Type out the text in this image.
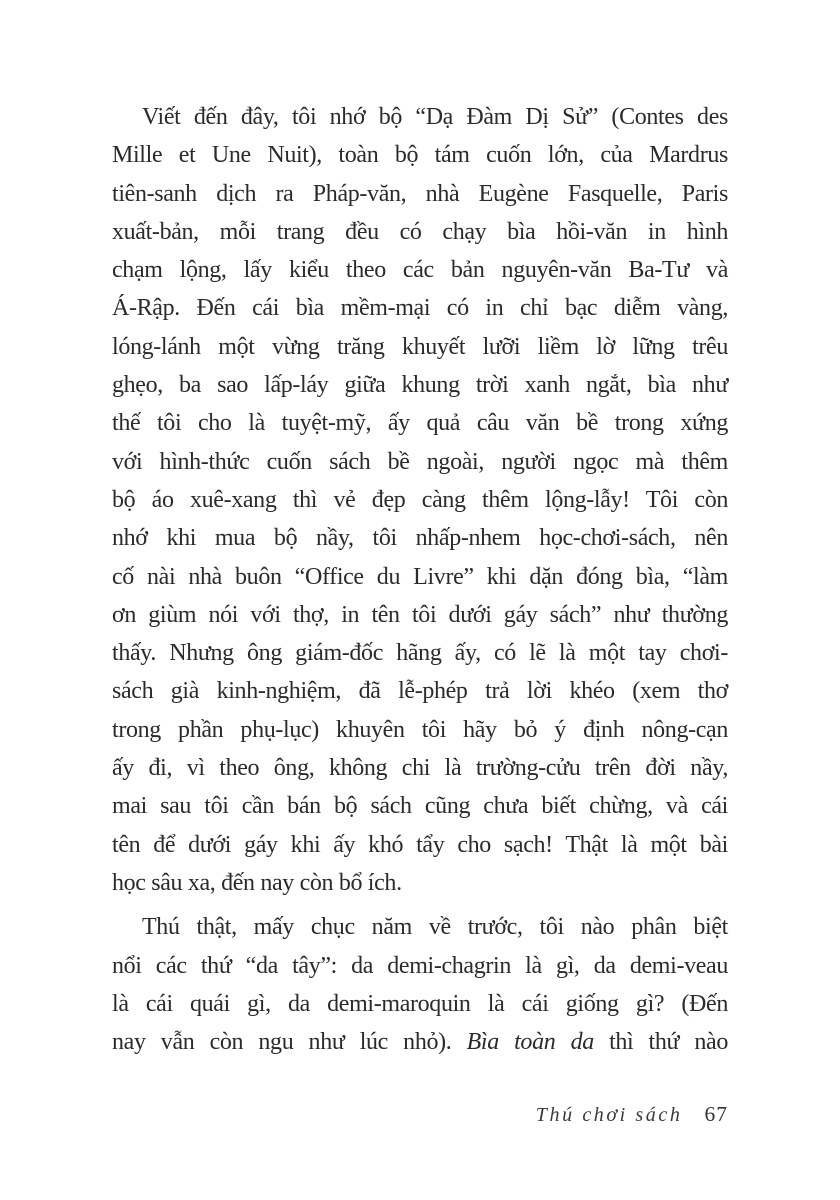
Viết đến đây, tôi nhớ bộ “Dạ Đàm Dị Sử” (Contes des
Mille et Une Nuit), toàn bộ tám cuốn lớn, của Mardrus
tiên-sanh dịch ra Pháp-văn, nhà Eugène Fasquelle, Paris
xuất-bản, mỗi trang đều có chạy bìa hồi-văn in hình
chạm lộng, lấy kiểu theo các bản nguyên-văn Ba-Tư và
Á-Rập. Đến cái bìa mềm-mại có in chỉ bạc diễm vàng,
lóng-lánh một vừng trăng khuyết lưỡi liềm lờ lững trêu
ghẹo, ba sao lấp-láy giữa khung trời xanh ngắt, bìa như
thế tôi cho là tuyệt-mỹ, ấy quả câu văn bề trong xứng
với hình-thức cuốn sách bề ngoài, người ngọc mà thêm
bộ áo xuê-xang thì vẻ đẹp càng thêm lộng-lẫy! Tôi còn
nhớ khi mua bộ nầy, tôi nhấp-nhem học-chơi-sách, nên
cố nài nhà buôn “Office du Livre” khi dặn đóng bìa, “làm
ơn giùm nói với thợ, in tên tôi dưới gáy sách” như thường
thấy. Nhưng ông giám-đốc hãng ấy, có lẽ là một tay chơi-
sách già kinh-nghiệm, đã lễ-phép trả lời khéo (xem thơ
trong phần phụ-lục) khuyên tôi hãy bỏ ý định nông-cạn
ấy đi, vì theo ông, không chi là trường-cửu trên đời nầy,
mai sau tôi cần bán bộ sách cũng chưa biết chừng, và cái
tên để dưới gáy khi ấy khó tẩy cho sạch! Thật là một bài
học sâu xa, đến nay còn bổ ích.
Thú thật, mấy chục năm về trước, tôi nào phân biệt
nổi các thứ “da tây”: da demi-chagrin là gì, da demi-veau
là cái quái gì, da demi-maroquin là cái giống gì? (Đến
nay vẫn còn ngu như lúc nhỏ). Bìa toàn da thì thứ nào
Thú chơi sách 67
